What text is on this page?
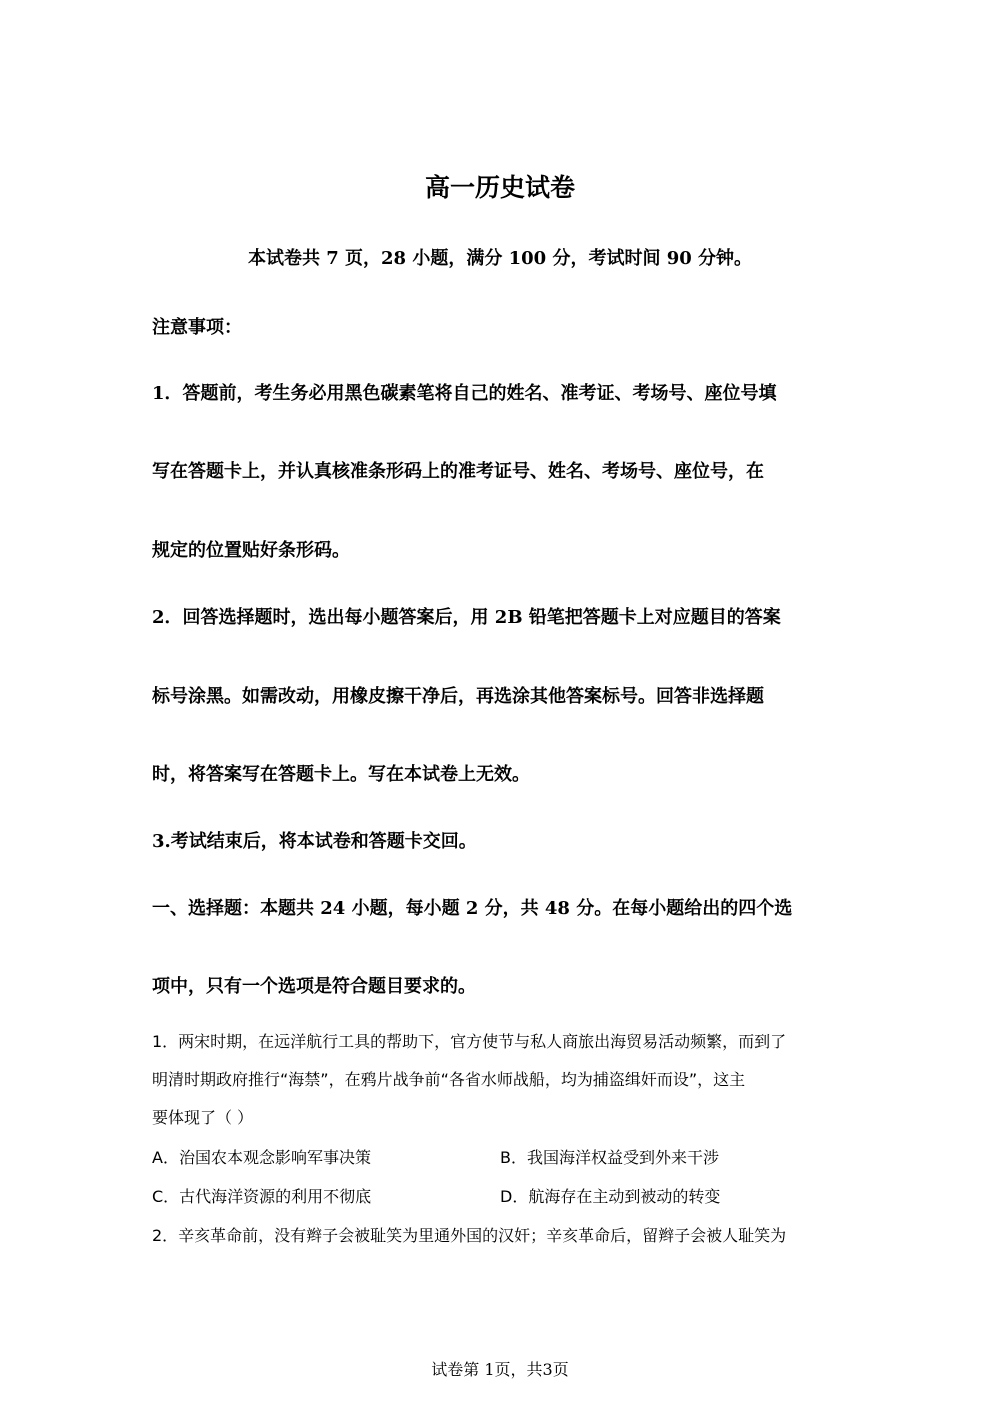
高一历史试卷
本试卷共 7 页，28 小题，满分 100 分，考试时间 90 分钟。
注意事项：
1．答题前，考生务必用黑色碳素笔将自己的姓名、准考证、考场号、座位号填
写在答题卡上，并认真核准条形码上的准考证号、姓名、考场号、座位号，在
规定的位置贴好条形码。
2．回答选择题时，选出每小题答案后，用 2B 铅笔把答题卡上对应题目的答案
标号涂黑。如需改动，用橡皮擦干净后，再选涂其他答案标号。回答非选择题
时，将答案写在答题卡上。写在本试卷上无效。
3.考试结束后，将本试卷和答题卡交回。
一、选择题：本题共 24 小题，每小题 2 分，共 48 分。在每小题给出的四个选
项中，只有一个选项是符合题目要求的。
1．两宋时期，在远洋航行工具的帮助下，官方使节与私人商旅出海贸易活动频繁，而到了
明清时期政府推行“海禁”，在鸦片战争前“各省水师战船，均为捕盗缉奸而设”，这主
要体现了（ ）
A．治国农本观念影响军事决策	B．我国海洋权益受到外来干涉
C．古代海洋资源的利用不彻底	D．航海存在主动到被动的转变
2．辛亥革命前，没有辫子会被耻笑为里通外国的汉奸；辛亥革命后，留辫子会被人耻笑为
试卷第 1页，共3页
